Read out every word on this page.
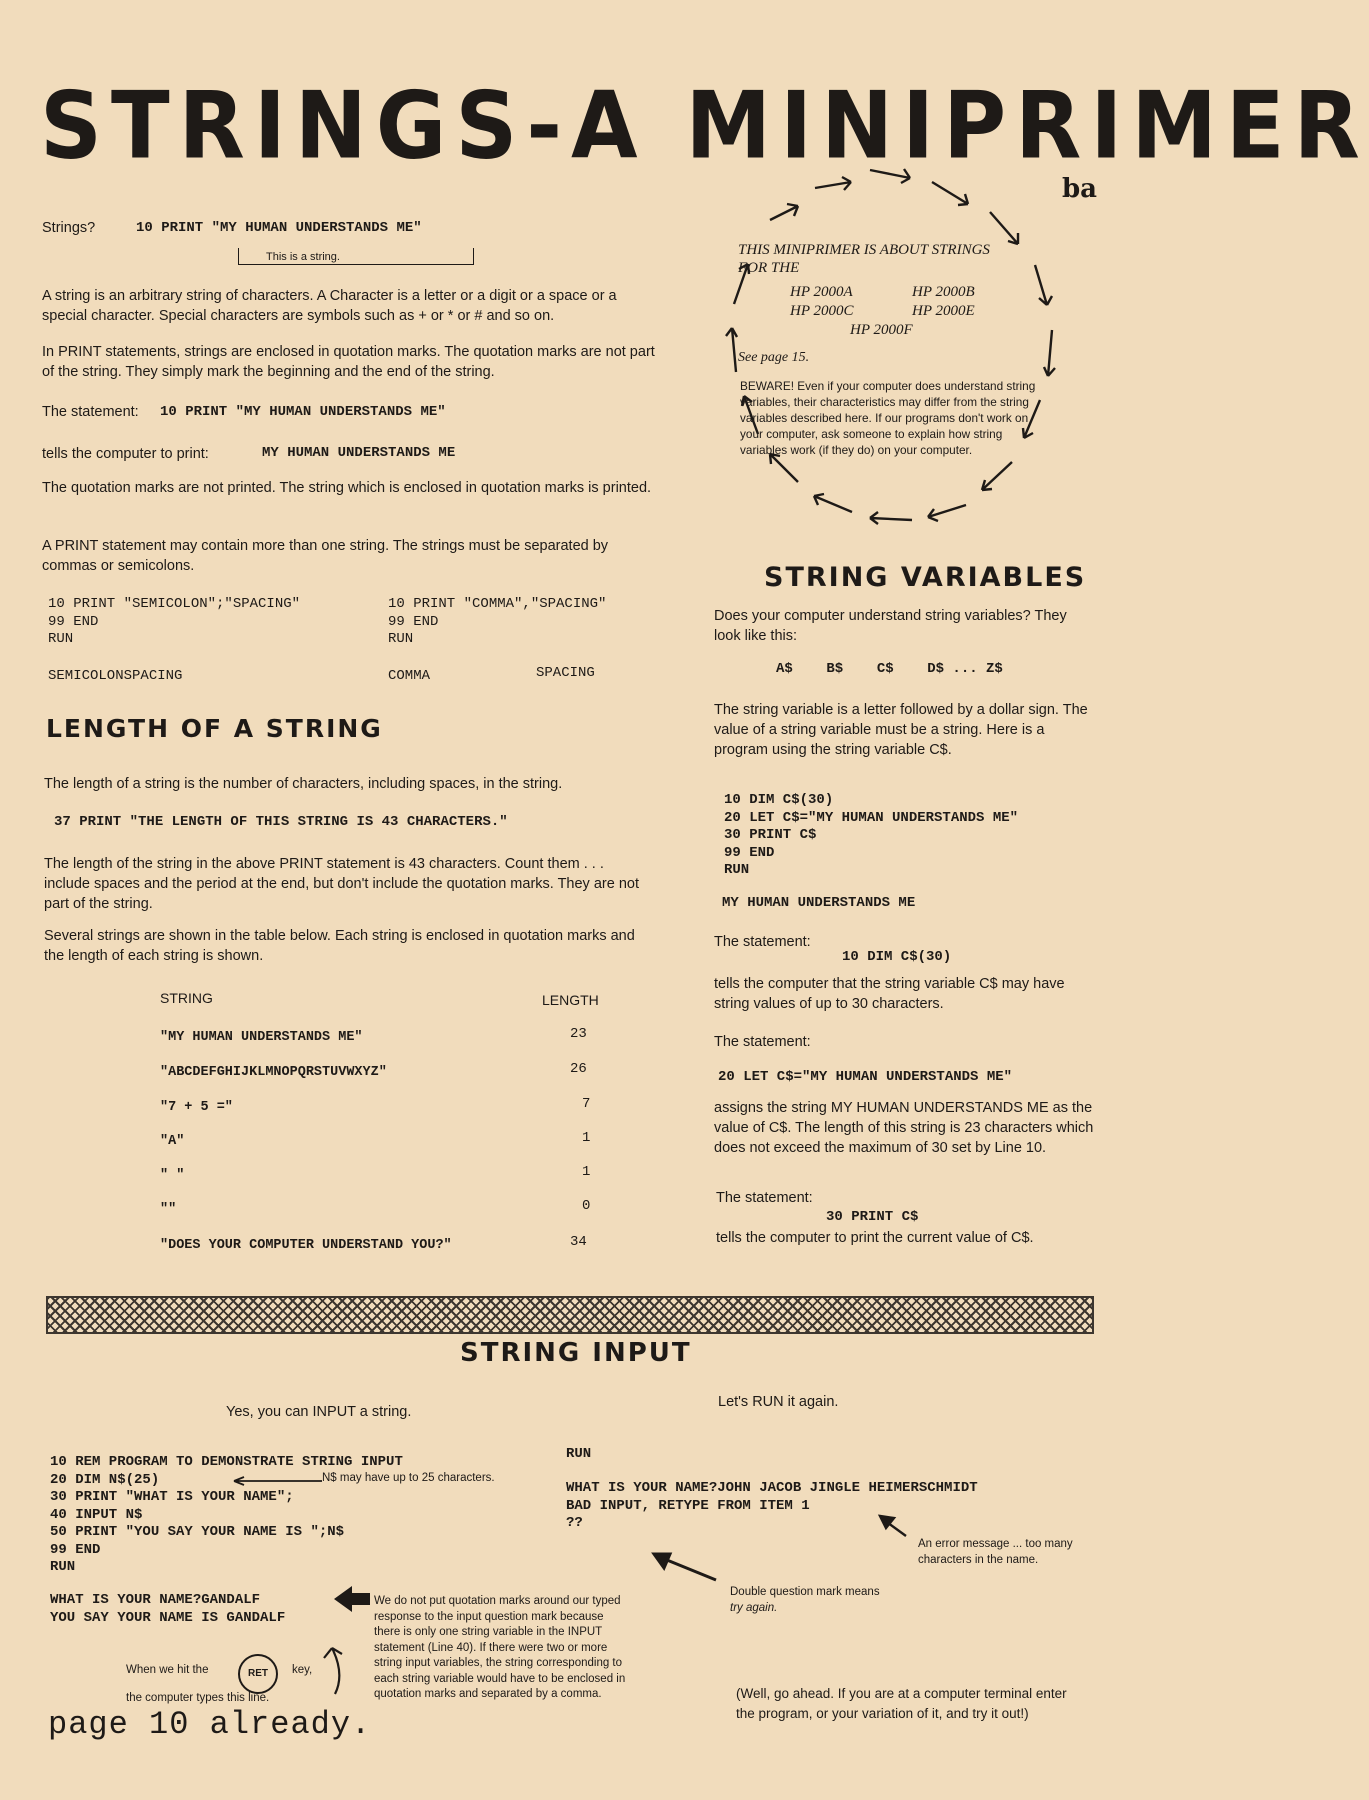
STRINGS-A MINIPRIMER
ba
Strings?	10 PRINT "MY HUMAN UNDERSTANDS ME"
This is a string.
A string is an arbitrary string of characters. A Character is a letter or a digit or a space or a special character. Special characters are symbols such as + or * or # and so on.
In PRINT statements, strings are enclosed in quotation marks. The quotation marks are not part of the string. They simply mark the beginning and the end of the string.
The statement: 10 PRINT "MY HUMAN UNDERSTANDS ME"
tells the computer to print:	MY HUMAN UNDERSTANDS ME
The quotation marks are not printed. The string which is enclosed in quotation marks is printed.
A PRINT statement may contain more than one string. The strings must be separated by commas or semicolons.
10 PRINT "SEMICOLON";"SPACING"
99 END
RUN
10 PRINT "COMMA","SPACING"
99 END
RUN
SEMICOLONSPACING	COMMA	SPACING
LENGTH OF A STRING
The length of a string is the number of characters, including spaces, in the string.
37 PRINT "THE LENGTH OF THIS STRING IS 43 CHARACTERS."
The length of the string in the above PRINT statement is 43 characters. Count them . . . include spaces and the period at the end, but don't include the quotation marks. They are not part of the string.
Several strings are shown in the table below. Each string is enclosed in quotation marks and the length of each string is shown.
STRING	LENGTH
"MY HUMAN UNDERSTANDS ME"	23
"ABCDEFGHIJKLMNOPQRSTUVWXYZ"	26
"7 + 5 ="	7
"A"	1
" "	1
""	0
"DOES YOUR COMPUTER UNDERSTAND YOU?"	34
THIS MINIPRIMER IS ABOUT STRINGS
FOR THE
HP 2000A	HP 2000B
HP 2000C	HP 2000E
HP 2000F
See page 15.
BEWARE! Even if your computer does understand string variables, their characteristics may differ from the string variables described here. If our programs don't work on your computer, ask someone to explain how string variables work (if they do) on your computer.
STRING VARIABLES
Does your computer understand string variables? They look like this:
A$    B$    C$    D$ ... Z$
The string variable is a letter followed by a dollar sign. The value of a string variable must be a string. Here is a program using the string variable C$.
10 DIM C$(30)
20 LET C$="MY HUMAN UNDERSTANDS ME"
30 PRINT C$
99 END
RUN
MY HUMAN UNDERSTANDS ME
The statement:
10 DIM C$(30)
tells the computer that the string variable C$ may have string values of up to 30 characters.
The statement:
20 LET C$="MY HUMAN UNDERSTANDS ME"
assigns the string MY HUMAN UNDERSTANDS ME as the value of C$. The length of this string is 23 characters which does not exceed the maximum of 30 set by Line 10.
The statement:
30 PRINT C$
tells the computer to print the current value of C$.
STRING INPUT
Yes, you can INPUT a string.
Let's RUN it again.
10 REM PROGRAM TO DEMONSTRATE STRING INPUT
20 DIM N$(25)
30 PRINT "WHAT IS YOUR NAME";
40 INPUT N$
50 PRINT "YOU SAY YOUR NAME IS ";N$
99 END
RUN
N$ may have up to 25 characters.
WHAT IS YOUR NAME?GANDALF
YOU SAY YOUR NAME IS GANDALF
We do not put quotation marks around our typed response to the input question mark because there is only one string variable in the INPUT statement (Line 40). If there were two or more string input variables, the string corresponding to each string variable would have to be enclosed in quotation marks and separated by a comma.
When we hit the	RET	key,
the computer types this line.
RUN
WHAT IS YOUR NAME?JOHN JACOB JINGLE HEIMERSCHMIDT
BAD INPUT, RETYPE FROM ITEM 1
??
An error message ... too many characters in the name.
Double question mark means
try again.
(Well, go ahead. If you are at a computer terminal enter the program, or your variation of it, and try it out!)
page 10 already.
